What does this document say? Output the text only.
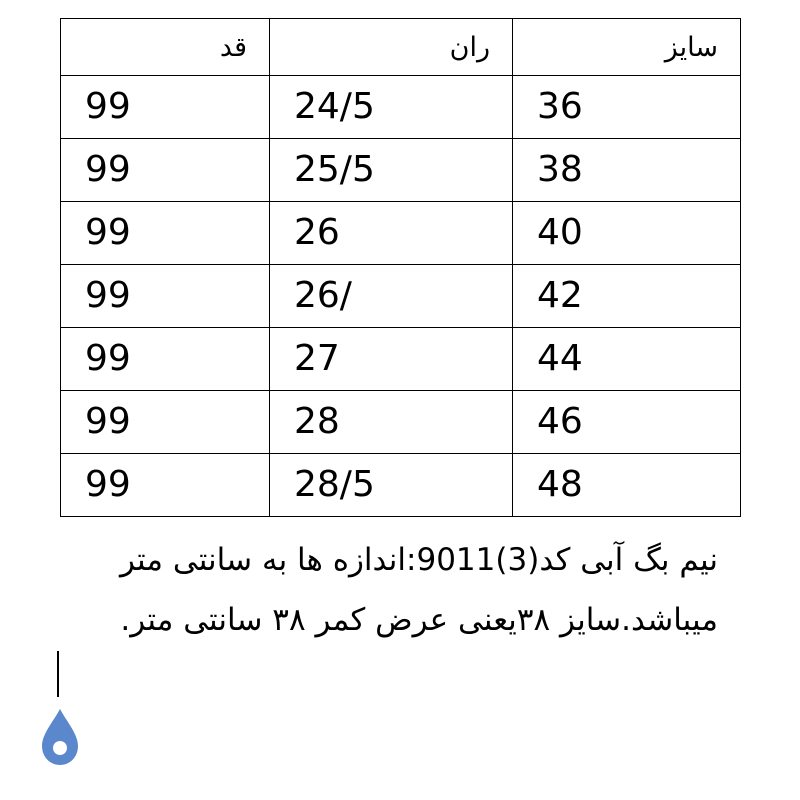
قد	ران	سایز
99	24/5	36
99	25/5	38
99	26	40
99	26/	42
99	27	44
99	28	46
99	28/5	48
نیم بگ آبی کد(3)9011:اندازه ها به سانتی متر میباشد.سایز ۳۸یعنی عرض کمر ۳۸ سانتی متر.
